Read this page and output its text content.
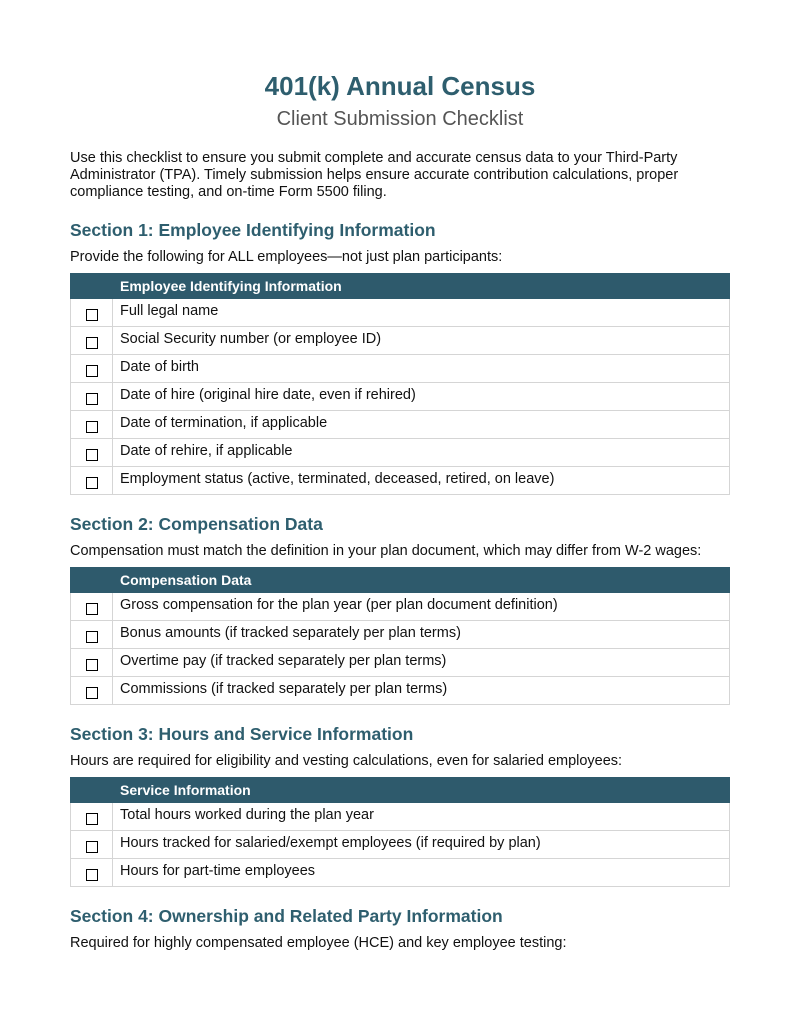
401(k) Annual Census

Client Submission Checklist

Use this checklist to ensure you submit complete and accurate census data to your Third-Party Administrator (TPA). Timely submission helps ensure accurate contribution calculations, proper compliance testing, and on-time Form 5500 filing.

Section 1: Employee Identifying Information

Provide the following for ALL employees—not just plan participants:

	Employee Identifying Information
	Full legal name
	Social Security number (or employee ID)
	Date of birth
	Date of hire (original hire date, even if rehired)
	Date of termination, if applicable
	Date of rehire, if applicable
	Employment status (active, terminated, deceased, retired, on leave)
Section 2: Compensation Data

Compensation must match the definition in your plan document, which may differ from W-2 wages:

	Compensation Data
	Gross compensation for the plan year (per plan document definition)
	Bonus amounts (if tracked separately per plan terms)
	Overtime pay (if tracked separately per plan terms)
	Commissions (if tracked separately per plan terms)
Section 3: Hours and Service Information

Hours are required for eligibility and vesting calculations, even for salaried employees:

	Service Information
	Total hours worked during the plan year
	Hours tracked for salaried/exempt employees (if required by plan)
	Hours for part-time employees
Section 4: Ownership and Related Party Information

Required for highly compensated employee (HCE) and key employee testing:
